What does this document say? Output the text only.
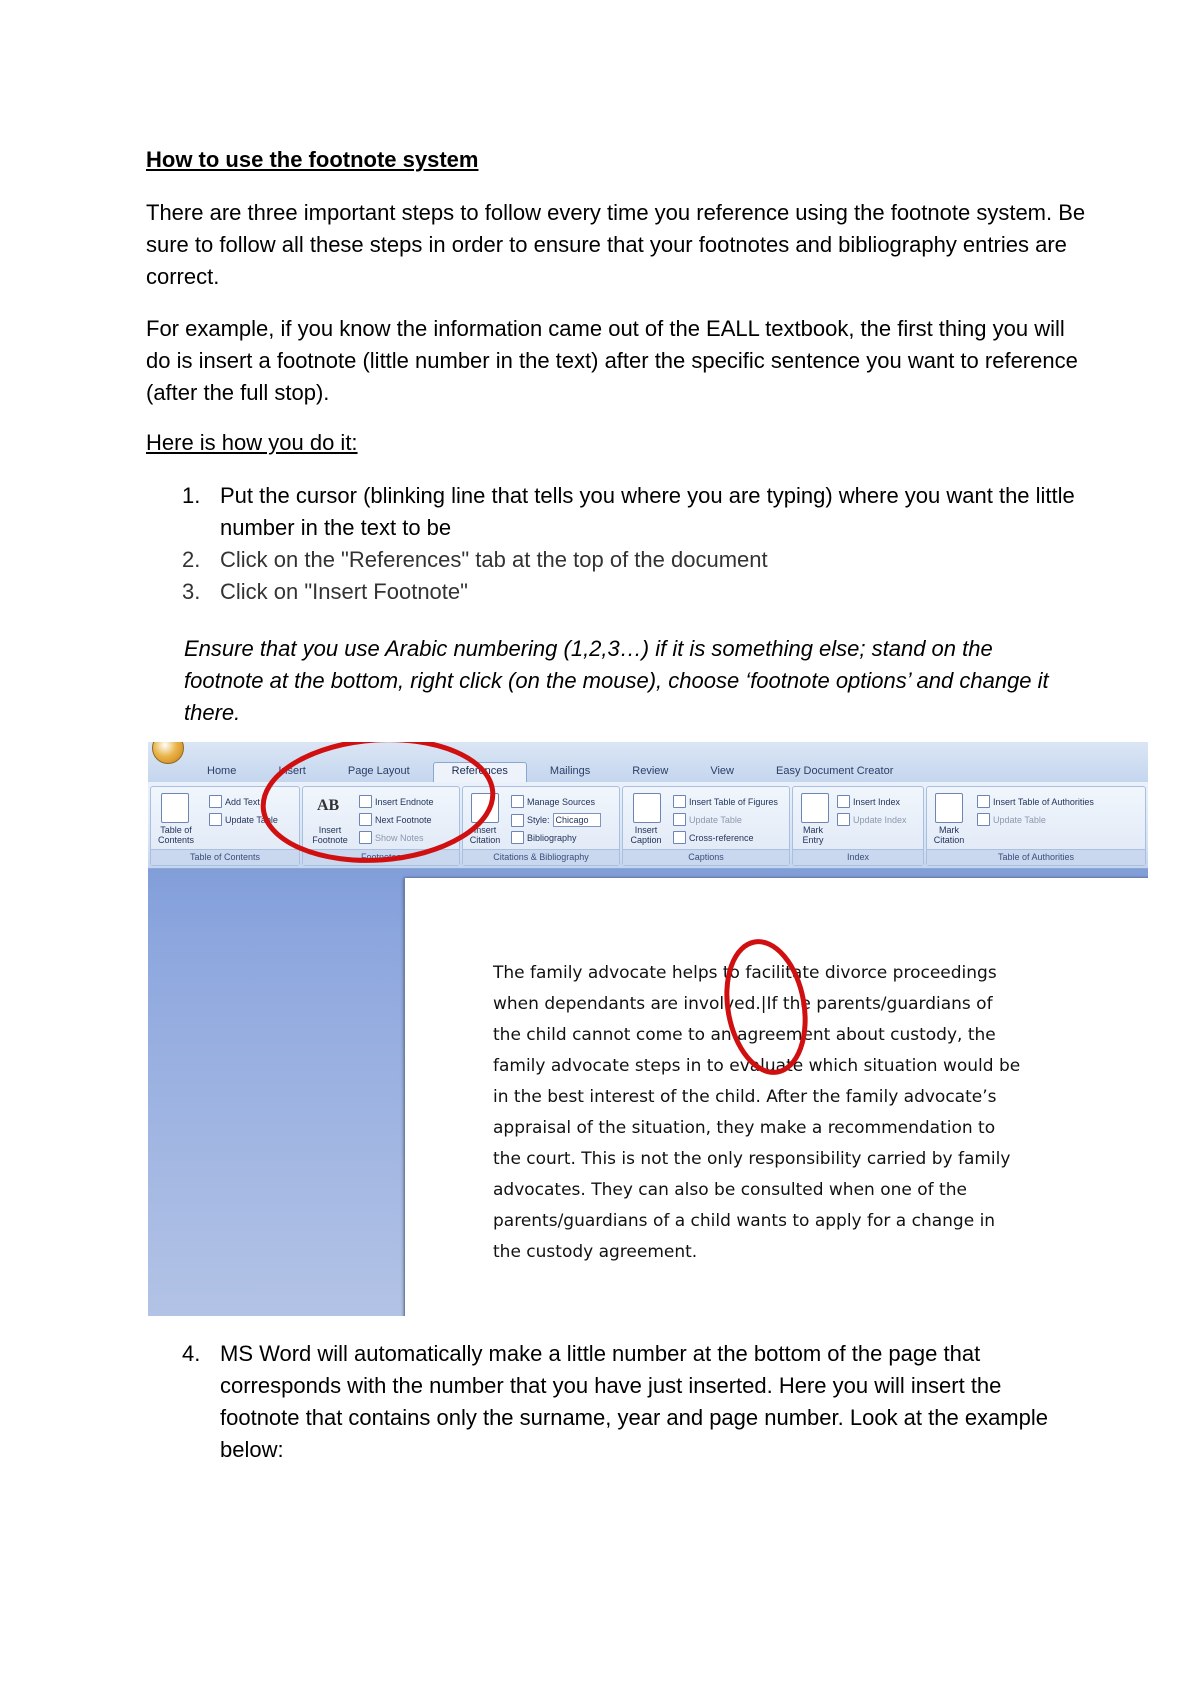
How to use the footnote system

There are three important steps to follow every time you reference using the footnote system. Be sure to follow all these steps in order to ensure that your footnotes and bibliography entries are correct.

For example, if you know the information came out of the EALL textbook, the first thing you will do is insert a footnote (little number in the text) after the specific sentence you want to reference (after the full stop).

Here is how you do it:

1. Put the cursor (blinking line that tells you where you are typing) where you want the little number in the text to be
2. Click on the "References" tab at the top of the document
3. Click on "Insert Footnote"

Ensure that you use Arabic numbering (1,2,3…) if it is something else; stand on the footnote at the bottom, right click (on the mouse), choose ‘footnote options’ and change it there.

Home	Insert	Page Layout	References	Mailings	Review	View	Easy Document Creator
Table of Contents
Add Text
Update Table
Table of Contents
AB
Insert Footnote
Insert Endnote
Next Footnote
Show Notes
Footnotes
Insert Citation
Manage Sources
Style: Chicago
Bibliography
Citations & Bibliography
Insert Caption
Insert Table of Figures
Update Table
Cross-reference
Captions
Mark Entry
Insert Index
Update Index
Index
Mark Citation
Insert Table of Authorities
Update Table
Table of Authorities

The family advocate helps to facilitate divorce proceedings
when dependants are involved.|If the parents/guardians of
the child cannot come to an agreement about custody, the
family advocate steps in to evaluate which situation would be
in the best interest of the child. After the family advocate’s
appraisal of the situation, they make a recommendation to
the court. This is not the only responsibility carried by family
advocates. They can also be consulted when one of the
parents/guardians of a child wants to apply for a change in
the custody agreement.

4. MS Word will automatically make a little number at the bottom of the page that corresponds with the number that you have just inserted. Here you will insert the footnote that contains only the surname, year and page number. Look at the example below:
